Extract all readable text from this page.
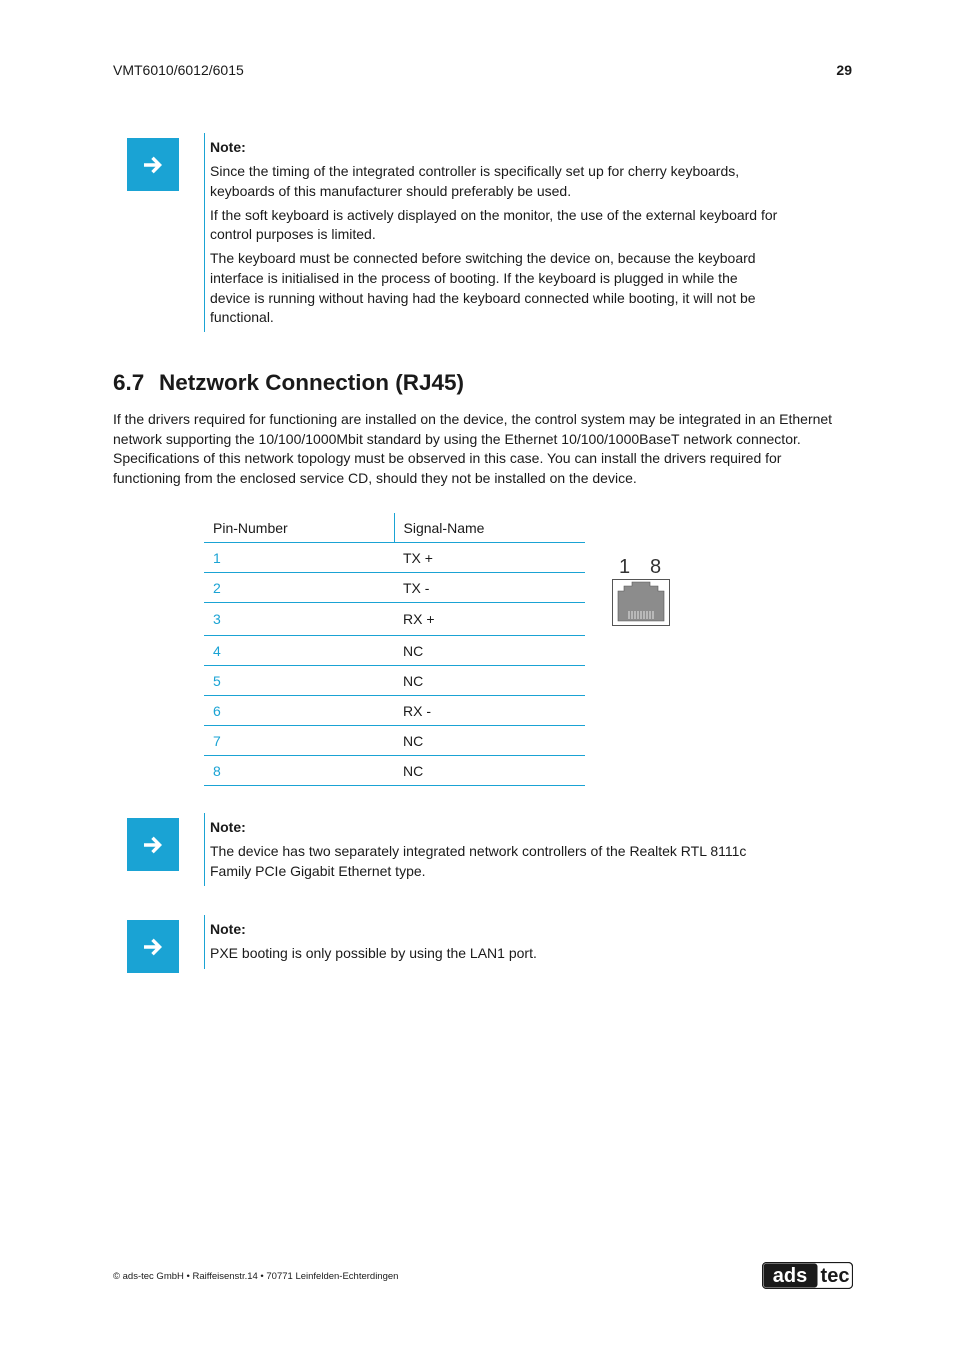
VMT6010/6012/6015	29
Note:

Since the timing of the integrated controller is specifically set up for cherry keyboards, keyboards of this manufacturer should preferably be used.

If the soft keyboard is actively displayed on the monitor, the use of the external keyboard for control purposes is limited.

The keyboard must be connected before switching the device on, because the keyboard interface is initialised in the process of booting. If the keyboard is plugged in while the device is running without having had the keyboard connected while booting, it will not be functional.

6.7 Netzwork Connection (RJ45)

If the drivers required for functioning are installed on the device, the control system may be integrated in an Ethernet network supporting the 10/100/1000Mbit standard by using the Ethernet 10/100/1000BaseT network connector. Specifications of this network topology must be observed in this case. You can install the drivers required for functioning from the enclosed service CD, should they not be installed on the device.

Pin-Number	Signal-Name
1	TX +
2	TX -
3	RX +
4	NC
5	NC
6	RX -
7	NC
8	NC
1 8
Note:

The device has two separately integrated network controllers of the Realtek RTL 8111c Family PCIe Gigabit Ethernet type.

Note:

PXE booting is only possible by using the LAN1 port.

© ads-tec GmbH • Raiffeisenstr.14 • 70771 Leinfelden-Echterdingen	ads tec
